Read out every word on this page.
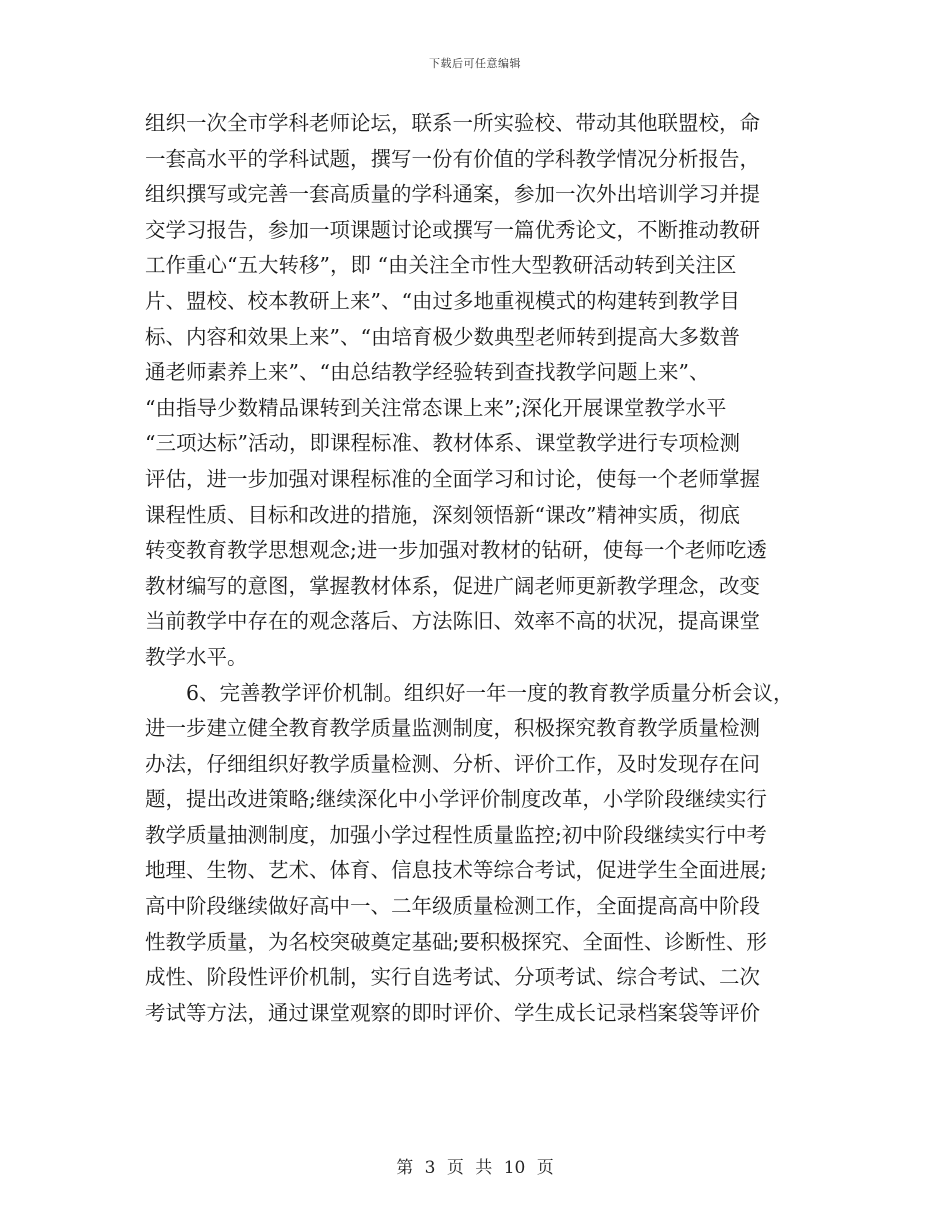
下载后可任意编辑
组织一次全市学科老师论坛，联系一所实验校、带动其他联盟校，命
一套高水平的学科试题，撰写一份有价值的学科教学情况分析报告，
组织撰写或完善一套高质量的学科通案，参加一次外出培训学习并提
交学习报告，参加一项课题讨论或撰写一篇优秀论文，不断推动教研
工作重心“五大转移”，即 “由关注全市性大型教研活动转到关注区
片、盟校、校本教研上来”、“由过多地重视模式的构建转到教学目
标、内容和效果上来”、“由培育极少数典型老师转到提高大多数普
通老师素养上来”、“由总结教学经验转到查找教学问题上来”、
“由指导少数精品课转到关注常态课上来”;深化开展课堂教学水平
“三项达标”活动，即课程标准、教材体系、课堂教学进行专项检测
评估，进一步加强对课程标准的全面学习和讨论，使每一个老师掌握
课程性质、目标和改进的措施，深刻领悟新“课改”精神实质，彻底
转变教育教学思想观念;进一步加强对教材的钻研，使每一个老师吃透
教材编写的意图，掌握教材体系，促进广阔老师更新教学理念，改变
当前教学中存在的观念落后、方法陈旧、效率不高的状况，提高课堂
教学水平。
6、完善教学评价机制。组织好一年一度的教育教学质量分析会议，
进一步建立健全教育教学质量监测制度，积极探究教育教学质量检测
办法，仔细组织好教学质量检测、分析、评价工作，及时发现存在问
题，提出改进策略;继续深化中小学评价制度改革，小学阶段继续实行
教学质量抽测制度，加强小学过程性质量监控;初中阶段继续实行中考
地理、生物、艺术、体育、信息技术等综合考试，促进学生全面进展;
高中阶段继续做好高中一、二年级质量检测工作，全面提高高中阶段
性教学质量，为名校突破奠定基础;要积极探究、全面性、诊断性、形
成性、阶段性评价机制，实行自选考试、分项考试、综合考试、二次
考试等方法，通过课堂观察的即时评价、学生成长记录档案袋等评价
第 3 页 共 10 页
